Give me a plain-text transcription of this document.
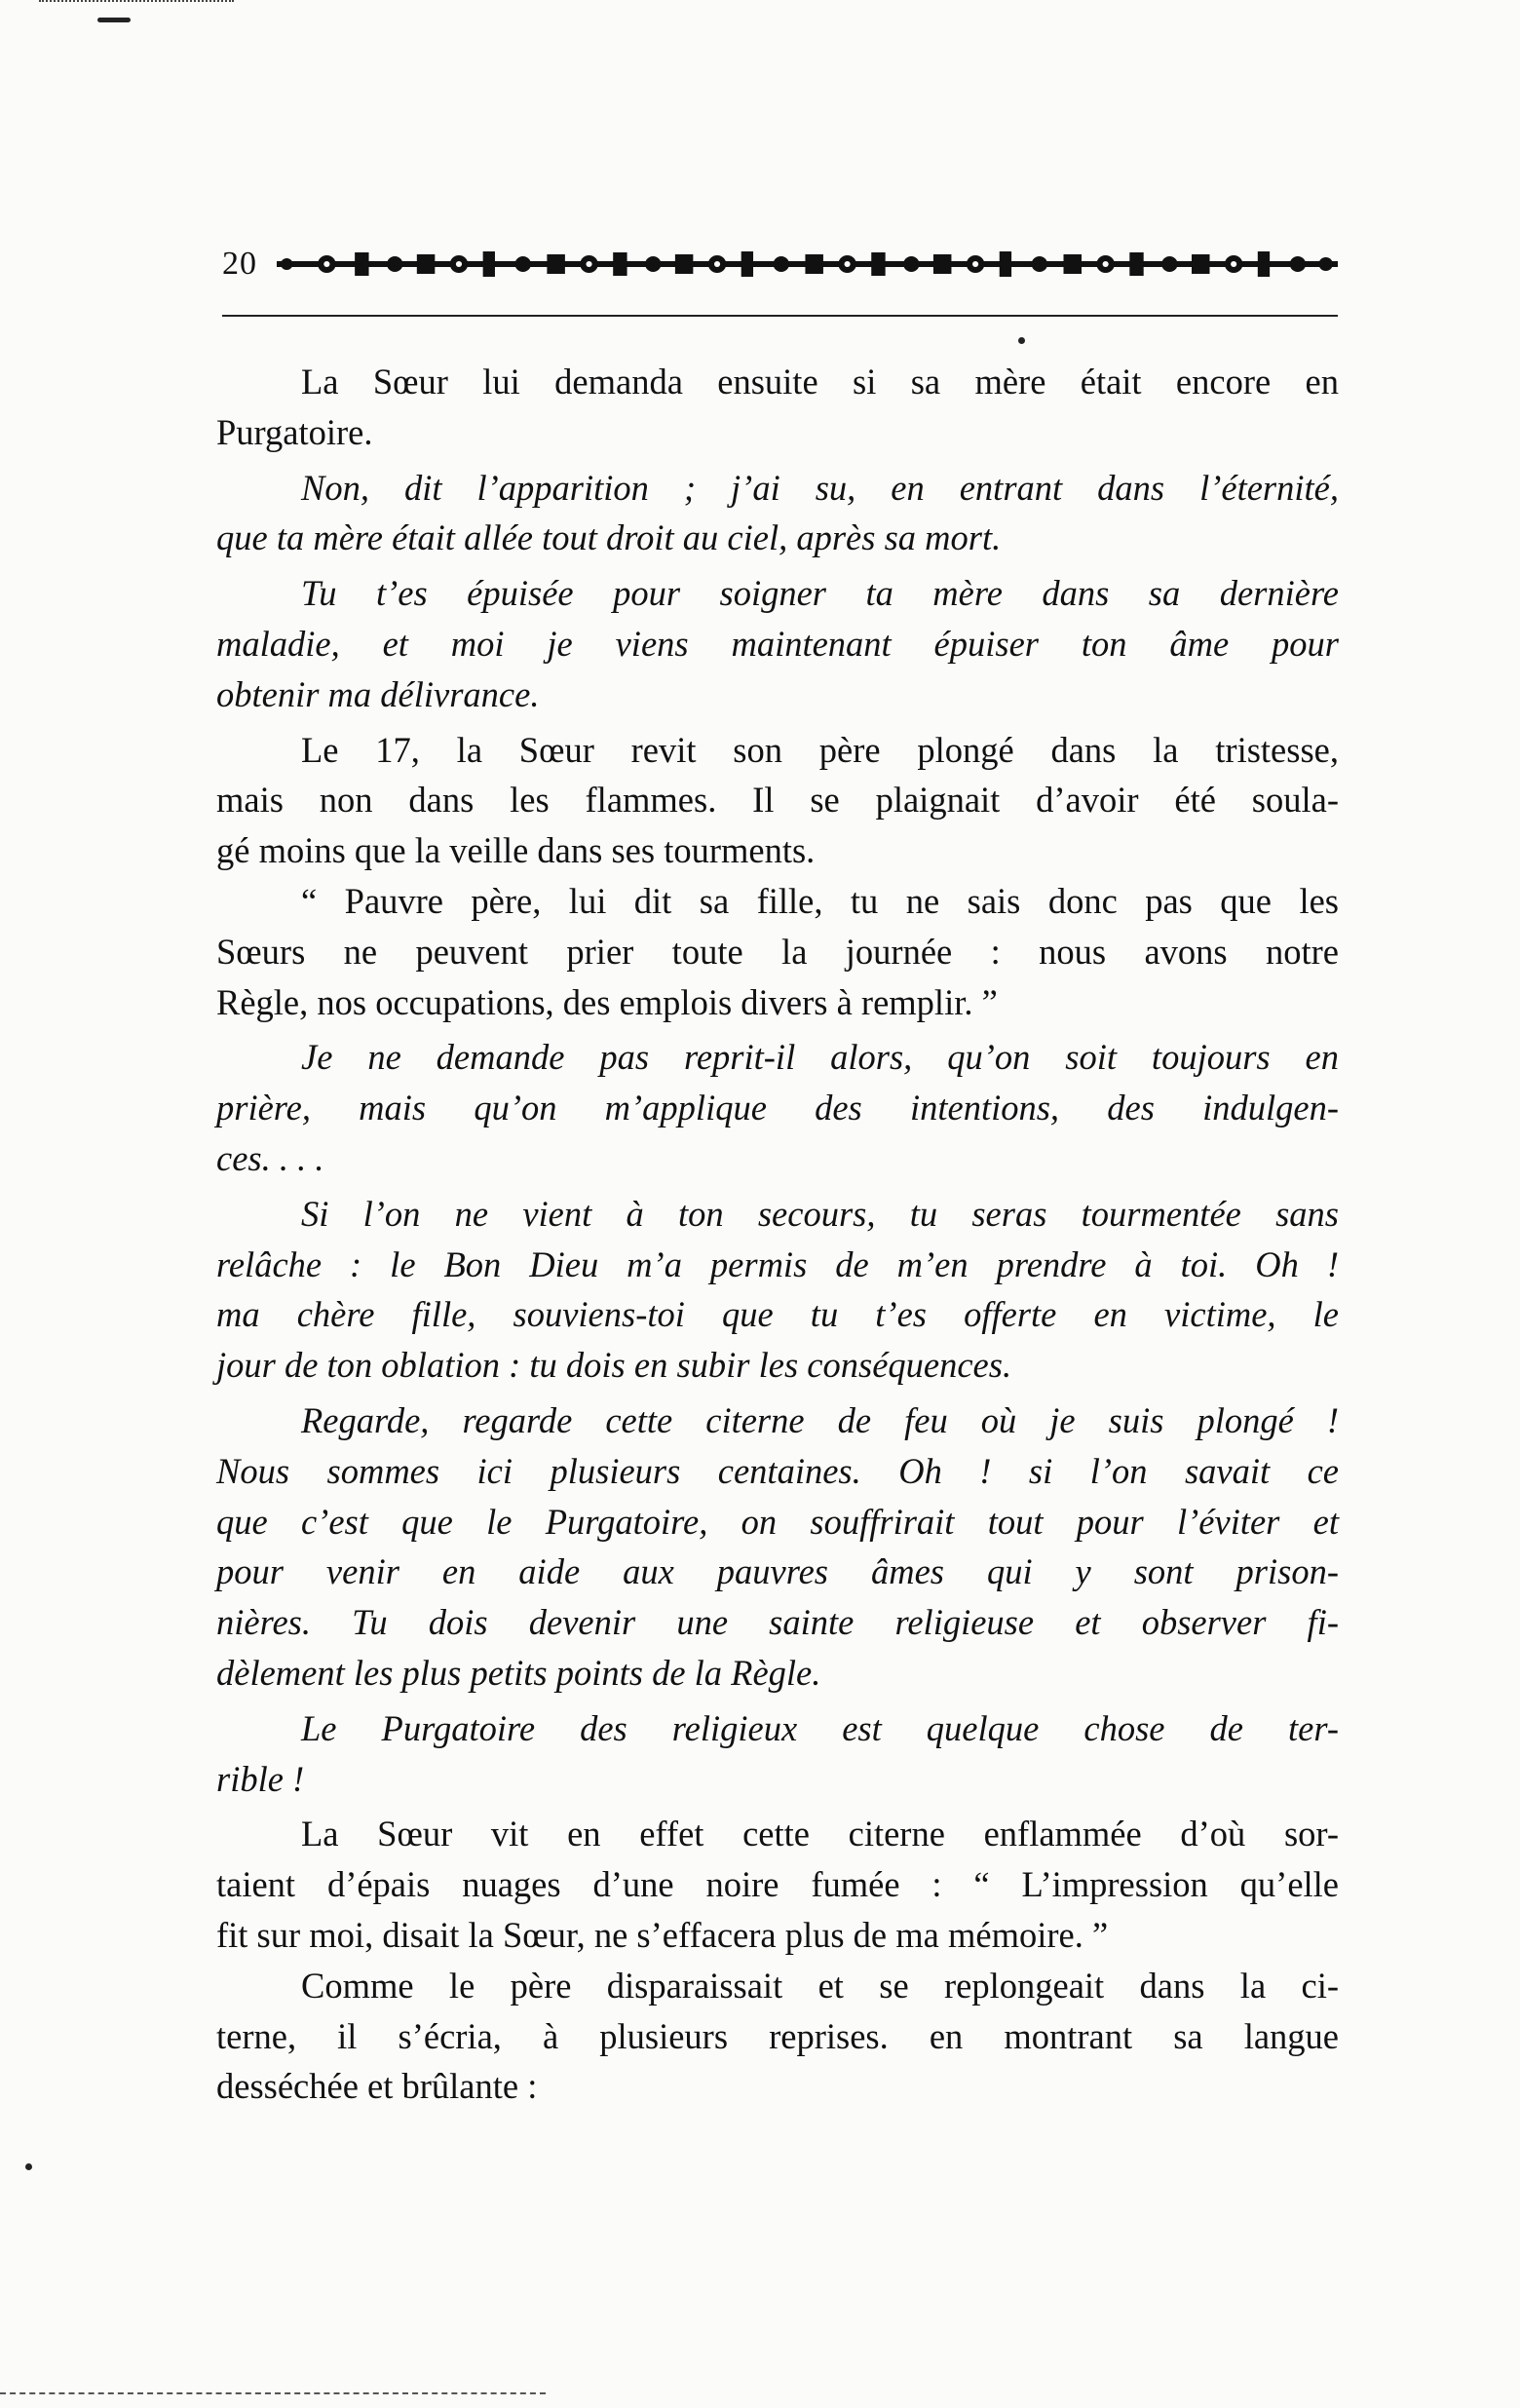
20
La Sœur lui demanda ensuite si sa mère était encore en
Purgatoire.
Non, dit l’apparition ; j’ai su, en entrant dans l’éternité,
que ta mère était allée tout droit au ciel, après sa mort.
Tu t’es épuisée pour soigner ta mère dans sa dernière
maladie, et moi je viens maintenant épuiser ton âme pour
obtenir ma délivrance.
Le 17, la Sœur revit son père plongé dans la tristesse,
mais non dans les flammes. Il se plaignait d’avoir été soula-
gé moins que la veille dans ses tourments.
“ Pauvre père, lui dit sa fille, tu ne sais donc pas que les
Sœurs ne peuvent prier toute la journée : nous avons notre
Règle, nos occupations, des emplois divers à remplir. ”
Je ne demande pas reprit-il alors, qu’on soit toujours en
prière, mais qu’on m’applique des intentions, des indulgen-
ces. . . .
Si l’on ne vient à ton secours, tu seras tourmentée sans
relâche : le Bon Dieu m’a permis de m’en prendre à toi. Oh !
ma chère fille, souviens-toi que tu t’es offerte en victime, le
jour de ton oblation : tu dois en subir les conséquences.
Regarde, regarde cette citerne de feu où je suis plongé !
Nous sommes ici plusieurs centaines. Oh ! si l’on savait ce
que c’est que le Purgatoire, on souffrirait tout pour l’éviter et
pour venir en aide aux pauvres âmes qui y sont prison-
nières. Tu dois devenir une sainte religieuse et observer fi-
dèlement les plus petits points de la Règle.
Le Purgatoire des religieux est quelque chose de ter-
rible !
La Sœur vit en effet cette citerne enflammée d’où sor-
taient d’épais nuages d’une noire fumée : “ L’impression qu’elle
fit sur moi, disait la Sœur, ne s’effacera plus de ma mémoire. ”
Comme le père disparaissait et se replongeait dans la ci-
terne, il s’écria, à plusieurs reprises. en montrant sa langue
desséchée et brûlante :
